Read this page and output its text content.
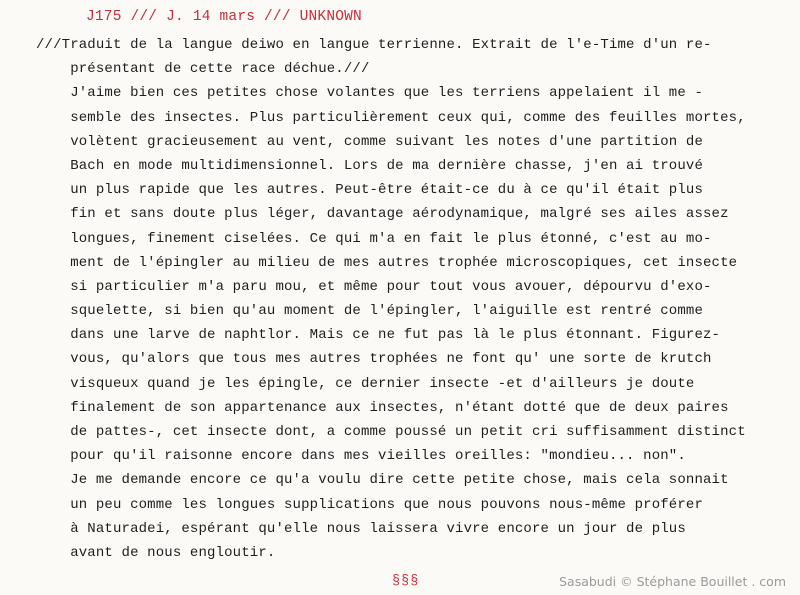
J175 /// J. 14 mars /// UNKNOWN
///Traduit de la langue deiwo en langue terrienne. Extrait de l'e-Time d'un re-
présentant de cette race déchue.///
J'aime bien ces petites chose volantes que les terriens appelaient il me -
semble des insectes. Plus particulièrement ceux qui, comme des feuilles mortes,
volètent gracieusement au vent, comme suivant les notes d'une partition de
Bach en mode multidimensionnel. Lors de ma dernière chasse, j'en ai trouvé
un plus rapide que les autres. Peut-être était-ce du à ce qu'il était plus
fin et sans doute plus léger, davantage aérodynamique, malgré ses ailes assez
longues, finement ciselées. Ce qui m'a en fait le plus étonné, c'est au mo-
ment de l'épingler au milieu de mes autres trophée microscopiques, cet insecte
si particulier m'a paru mou, et même pour tout vous avouer, dépourvu d'exo-
squelette, si bien qu'au moment de l'épingler, l'aiguille est rentré comme
dans une larve de naphtlor. Mais ce ne fut pas là le plus étonnant. Figurez-
vous, qu'alors que tous mes autres trophées ne font qu' une sorte de krutch
visqueux quand je les épingle, ce dernier insecte -et d'ailleurs je doute
finalement de son appartenance aux insectes, n'étant dotté que de deux paires
de pattes-, cet insecte dont, a comme poussé un petit cri suffisamment distinct
pour qu'il raisonne encore dans mes vieilles oreilles: "mondieu... non".
Je me demande encore ce qu'a voulu dire cette petite chose, mais cela sonnait
un peu comme les longues supplications que nous pouvons nous-même proférer
à Naturadei, espérant qu'elle nous laissera vivre encore un jour de plus
avant de nous engloutir.
§§§	Sasabudi © Stéphane Bouillet . com
